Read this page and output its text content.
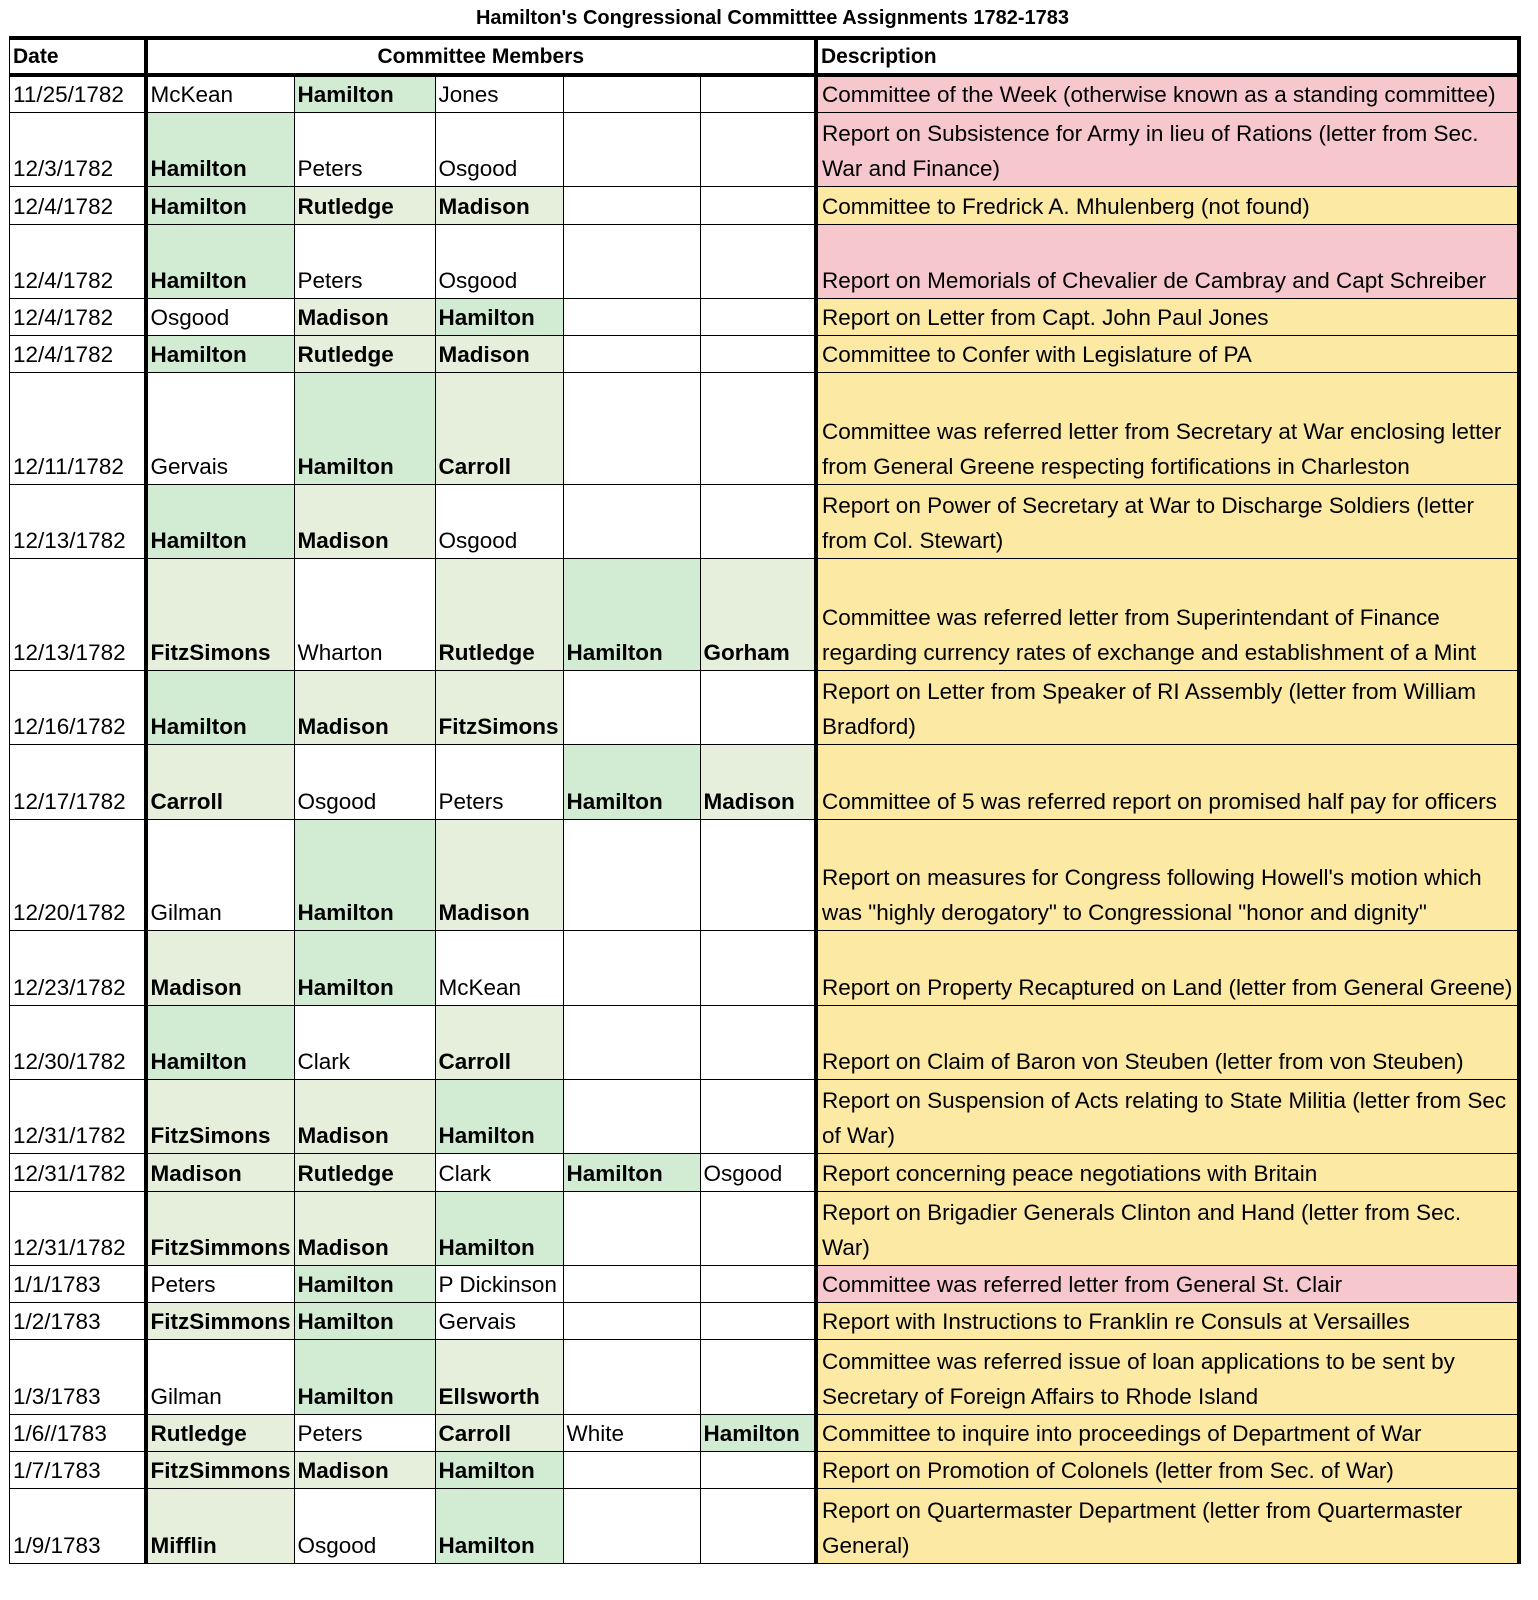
Hamilton's Congressional Committtee Assignments 1782-1783
Date	Committee Members					Description
11/25/1782	McKean	Hamilton	Jones			Committee of the Week (otherwise known as a standing committee)
12/3/1782	Hamilton	Peters	Osgood			Report on Subsistence for Army in lieu of Rations (letter from Sec. War and Finance)
12/4/1782	Hamilton	Rutledge	Madison			Committee to Fredrick A. Mhulenberg (not found)
12/4/1782	Hamilton	Peters	Osgood			Report on Memorials of Chevalier de Cambray and Capt Schreiber
12/4/1782	Osgood	Madison	Hamilton			Report on Letter from Capt. John Paul Jones
12/4/1782	Hamilton	Rutledge	Madison			Committee to Confer with Legislature of PA
12/11/1782	Gervais	Hamilton	Carroll			Committee was referred letter from Secretary at War enclosing letter from General Greene respecting fortifications in Charleston
12/13/1782	Hamilton	Madison	Osgood			Report on Power of Secretary at War to Discharge Soldiers (letter from Col. Stewart)
12/13/1782	FitzSimons	Wharton	Rutledge	Hamilton	Gorham	Committee was referred letter from Superintendant of Finance regarding currency rates of exchange and establishment of a Mint
12/16/1782	Hamilton	Madison	FitzSimons			Report on Letter from Speaker of RI Assembly (letter from William Bradford)
12/17/1782	Carroll	Osgood	Peters	Hamilton	Madison	Committee of 5 was referred report on promised half pay for officers
12/20/1782	Gilman	Hamilton	Madison			Report on measures for Congress following Howell's motion which was "highly derogatory" to Congressional "honor and dignity"
12/23/1782	Madison	Hamilton	McKean			Report on Property Recaptured on Land (letter from General Greene)
12/30/1782	Hamilton	Clark	Carroll			Report on Claim of Baron von Steuben (letter from von Steuben)
12/31/1782	FitzSimons	Madison	Hamilton			Report on Suspension of Acts relating to State Militia (letter from Sec of War)
12/31/1782	Madison	Rutledge	Clark	Hamilton	Osgood	Report concerning peace negotiations with Britain
12/31/1782	FitzSimmons	Madison	Hamilton			Report on Brigadier Generals Clinton and Hand (letter from Sec. War)
1/1/1783	Peters	Hamilton	P Dickinson			Committee was referred letter from General St. Clair
1/2/1783	FitzSimmons	Hamilton	Gervais			Report with Instructions to Franklin re Consuls at Versailles
1/3/1783	Gilman	Hamilton	Ellsworth			Committee was referred issue of loan applications to be sent by Secretary of Foreign Affairs to Rhode Island
1/6//1783	Rutledge	Peters	Carroll	White	Hamilton	Committee to inquire into proceedings of Department of War
1/7/1783	FitzSimmons	Madison	Hamilton			Report on Promotion of Colonels (letter from Sec. of War)
1/9/1783	Mifflin	Osgood	Hamilton			Report on Quartermaster Department (letter from Quartermaster General)
